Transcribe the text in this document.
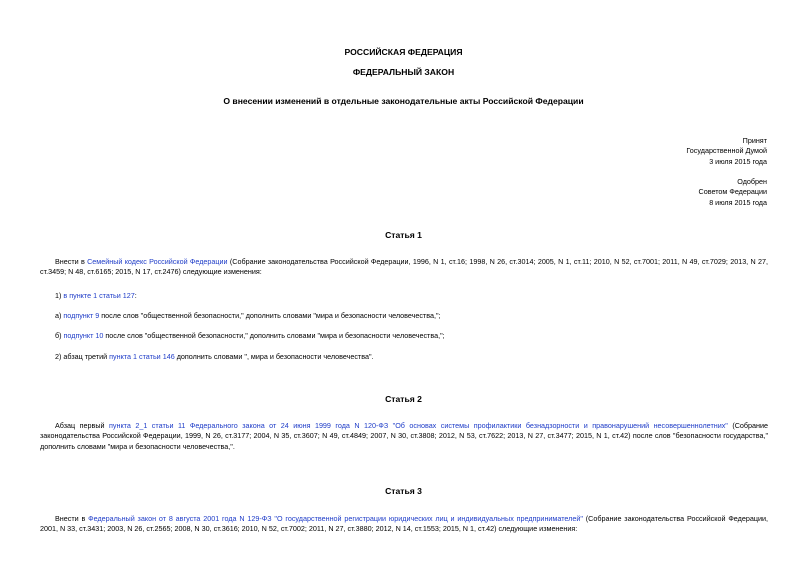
РОССИЙСКАЯ ФЕДЕРАЦИЯ
ФЕДЕРАЛЬНЫЙ ЗАКОН
О внесении изменений в отдельные законодательные акты Российской Федерации
Принят
Государственной Думой
3 июля 2015 года
Одобрен
Советом Федерации
8 июля 2015 года
Статья 1
Внести в Семейный кодекс Российской Федерации (Собрание законодательства Российской Федерации, 1996, N 1, ст.16; 1998, N 26, ст.3014; 2005, N 1, ст.11; 2010, N 52, ст.7001; 2011, N 49, ст.7029; 2013, N 27, ст.3459; N 48, ст.6165; 2015, N 17, ст.2476) следующие изменения:
1) в пункте 1 статьи 127:
а) подпункт 9 после слов "общественной безопасности," дополнить словами "мира и безопасности человечества,";
б) подпункт 10 после слов "общественной безопасности," дополнить словами "мира и безопасности человечества,";
2) абзац третий пункта 1 статьи 146 дополнить словами ", мира и безопасности человечества".
Статья 2
Абзац первый пункта 2_1 статьи 11 Федерального закона от 24 июня 1999 года N 120-ФЗ "Об основах системы профилактики безнадзорности и правонарушений несовершеннолетних" (Собрание законодательства Российской Федерации, 1999, N 26, ст.3177; 2004, N 35, ст.3607; N 49, ст.4849; 2007, N 30, ст.3808; 2012, N 53, ст.7622; 2013, N 27, ст.3477; 2015, N 1, ст.42) после слов "безопасности государства," дополнить словами "мира и безопасности человечества,".
Статья 3
Внести в Федеральный закон от 8 августа 2001 года N 129-ФЗ "О государственной регистрации юридических лиц и индивидуальных предпринимателей" (Собрание законодательства Российской Федерации, 2001, N 33, ст.3431; 2003, N 26, ст.2565; 2008, N 30, ст.3616; 2010, N 52, ст.7002; 2011, N 27, ст.3880; 2012, N 14, ст.1553; 2015, N 1, ст.42) следующие изменения:
